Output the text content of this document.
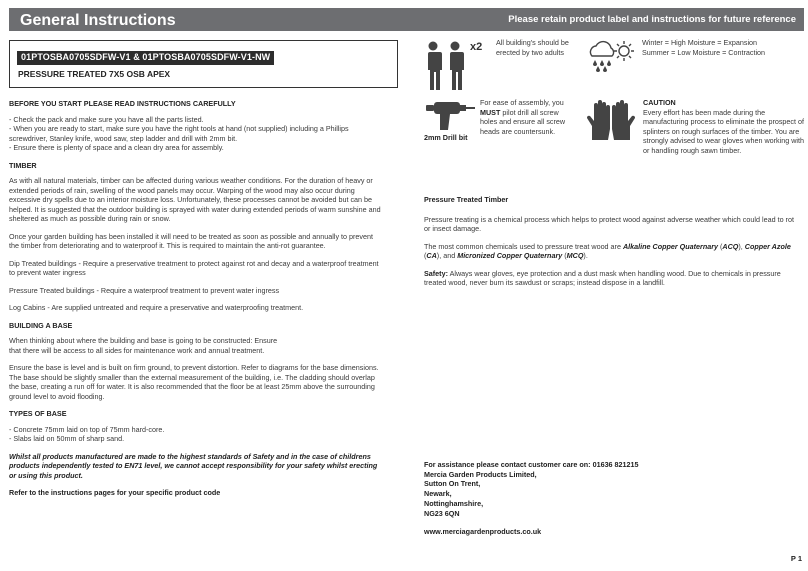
General Instructions	Please retain product label and instructions for future reference
01PTOSBA0705SDFW-V1 & 01PTOSBA0705SDFW-V1-NW
PRESSURE TREATED 7X5 OSB APEX
x2 All building's should be erected by two adults
Winter = High Moisture = Expansion
Summer = Low Moisture = Contraction
2mm Drill bit
For ease of assembly, you MUST pilot drill all screw holes and ensure all screw heads are countersunk.
CAUTION
Every effort has been made during the manufacturing process to eliminate the prospect of splinters on rough surfaces of the timber. You are strongly advised to wear gloves when working with or handling rough sawn timber.
BEFORE YOU START PLEASE READ INSTRUCTIONS CAREFULLY
- Check the pack and make sure you have all the parts listed.
- When you are ready to start, make sure you have the right tools at hand (not supplied) including a Phillips screwdriver, Stanley knife, wood saw, step ladder and drill with 2mm bit.
- Ensure there is plenty of space and a clean dry area for assembly.
TIMBER
As with all natural materials, timber can be affected during various weather conditions. For the duration of heavy or extended periods of rain, swelling of the wood panels may occur. Warping of the wood may also occur during excessive dry spells due to an interior moisture loss. Unfortunately, these processes cannot be avoided but can be helped. It is suggested that the outdoor building is sprayed with water during extended periods of warm sunshine and sheltered as much as possible during rain or snow.
Once your garden building has been installed it will need to be treated as soon as possible and annually to prevent the timber from deteriorating and to waterproof it. This is required to maintain the anti-rot guarantee.
Dip Treated buildings - Require a preservative treatment to protect against rot and decay and a waterproof treatment to prevent water ingress
Pressure Treated buildings - Require a waterproof treatment to prevent water ingress
Log Cabins - Are supplied untreated and require a preservative and waterproofing treatment.
BUILDING A BASE
When thinking about where the building and base is going to be constructed: Ensure that there will be access to all sides for maintenance work and annual treatment.
Ensure the base is level and is built on firm ground, to prevent distortion. Refer to diagrams for the base dimensions. The base should be slightly smaller than the external measurement of the building, i.e. The cladding should overlap the base, creating a run off for water. It is also recommended that the floor be at least 25mm above the surrounding ground level to avoid flooding.
TYPES OF BASE
- Concrete 75mm laid on top of 75mm hard-core.
- Slabs laid on 50mm of sharp sand.
Whilst all products manufactured are made to the highest standards of Safety and in the case of childrens products independently tested to EN71 level, we cannot accept responsibility for your safety whilst erecting or using this product.
Refer to the instructions pages for your specific product code
Pressure Treated Timber
Pressure treating is a chemical process which helps to protect wood against adverse weather which could lead to rot or insect damage.
The most common chemicals used to pressure treat wood are Alkaline Copper Quaternary (ACQ), Copper Azole (CA), and Micronized Copper Quaternary (MCQ).
Safety: Always wear gloves, eye protection and a dust mask when handling wood. Due to chemicals in pressure treated wood, never burn its sawdust or scraps; instead dispose in a landfill.
For assistance please contact customer care on: 01636 821215
Mercia Garden Products Limited,
Sutton On Trent,
Newark,
Nottinghamshire,
NG23 6QN
www.merciagardenproducts.co.uk
P 1
